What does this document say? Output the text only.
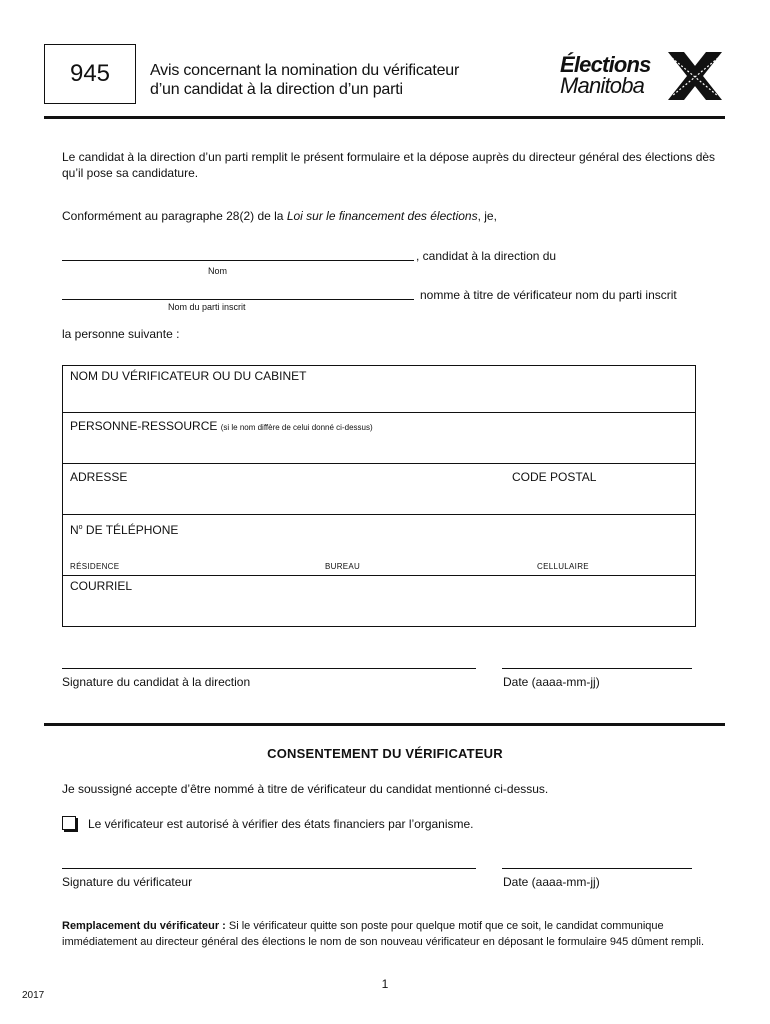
945 Avis concernant la nomination du vérificateur
d’un candidat à la direction d’un parti
Élections
Manitoba
Le candidat à la direction d’un parti remplit le présent formulaire et la dépose auprès du directeur général des élections dès qu’il pose sa candidature.
Conformément au paragraphe 28(2) de la Loi sur le financement des élections, je,
, candidat à la direction du
Nom
nomme à titre de vérificateur nom du parti inscrit
Nom du parti inscrit
la personne suivante :
NOM DU VÉRIFICATEUR OU DU CABINET
PERSONNE-RESSOURCE (si le nom diffère de celui donné ci-dessus)
ADRESSE	CODE POSTAL
$N^o$ DE TÉLÉPHONE
RÉSIDENCE	BUREAU	CELLULAIRE
COURRIEL
Signature du candidat à la direction	Date (aaaa-mm-jj)
CONSENTEMENT DU VÉRIFICATEUR
Je soussigné accepte d’être nommé à titre de vérificateur du candidat mentionné ci-dessus.
Le vérificateur est autorisé à vérifier des états financiers par l’organisme.
Signature du vérificateur	Date (aaaa-mm-jj)
Remplacement du vérificateur : Si le vérificateur quitte son poste pour quelque motif que ce soit, le candidat communique immédiatement au directeur général des élections le nom de son nouveau vérificateur en déposant le formulaire 945 dûment rempli.
1
2017
